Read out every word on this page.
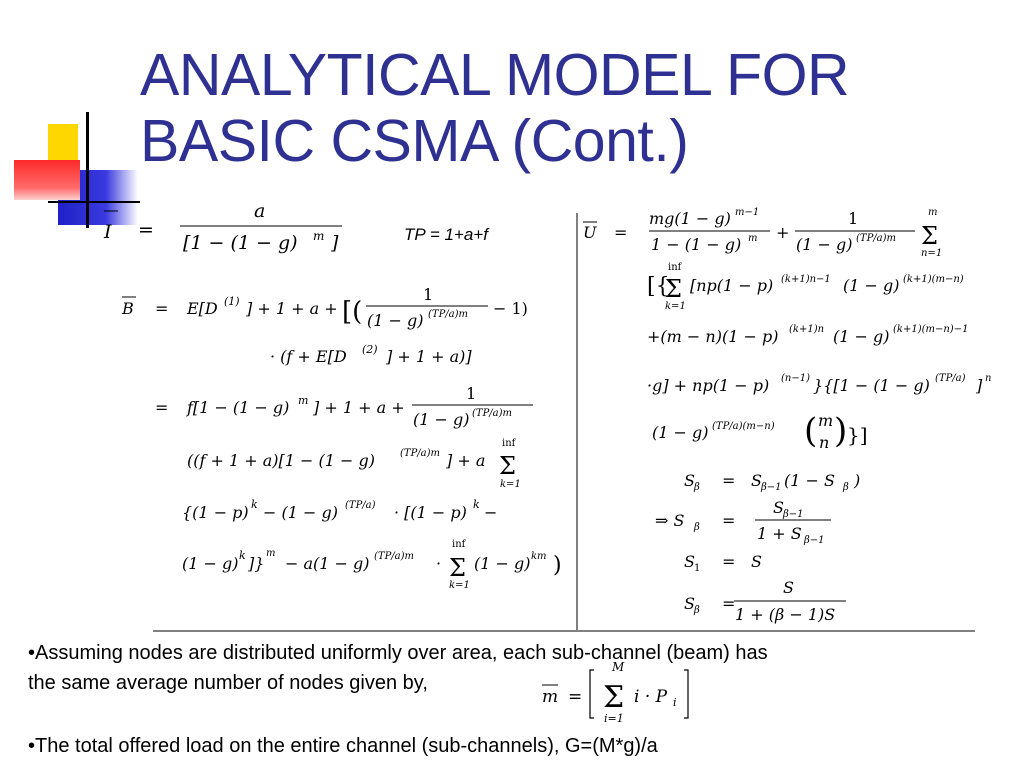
ANALYTICAL MODEL FOR
BASIC CSMA (Cont.)
I =
a
[1 − (1 − g) m ]	TP = 1+a+f
B = E[D (1) ] + 1 + a + [(
1
(1 − g) (TP/a)m − 1)
· (f + E[D (2) ] + 1 + a)]
= f[1 − (1 − g) m ] + 1 + a +
1
(1 − g) (TP/a)m
((f + 1 + a)[1 − (1 − g) (TP/a)m ] + a
inf
Σ
k=1
{(1 − p) k − (1 − g) (TP/a) · [(1 − p) k −
(1 − g) k ]}
m
− a(1 − g) (TP/a)m ·
inf
Σ
k=1
(1 − g) km )
U =
mg(1 − g) m−1
1 − (1 − g) m +
1
(1 − g) (TP/a)m
m
Σ
n=1
[{
inf
Σ
k=1
[np(1 − p) (k+1)n−1 (1 − g) (k+1)(m−n)
+(m − n)(1 − p) (k+1)n (1 − g) (k+1)(m−n)−1
·g] + np(1 − p) (n−1) }{[1 − (1 − g) (TP/a) ] n
(1 − g) (TP/a)(m−n) ( m
n ) }]
S β = S β−1 (1 − S β )
⇒ S β =
S β−1
1 + S β−1
S 1 = S
S β =
S
1 + (β − 1)S

•Assuming nodes are distributed uniformly over area, each sub-channel (beam) has

the same average number of nodes given by,

•The total offered load on the entire channel (sub-channels), G=(M*g)/a

m =
M
Σ
i=1
i · P i
